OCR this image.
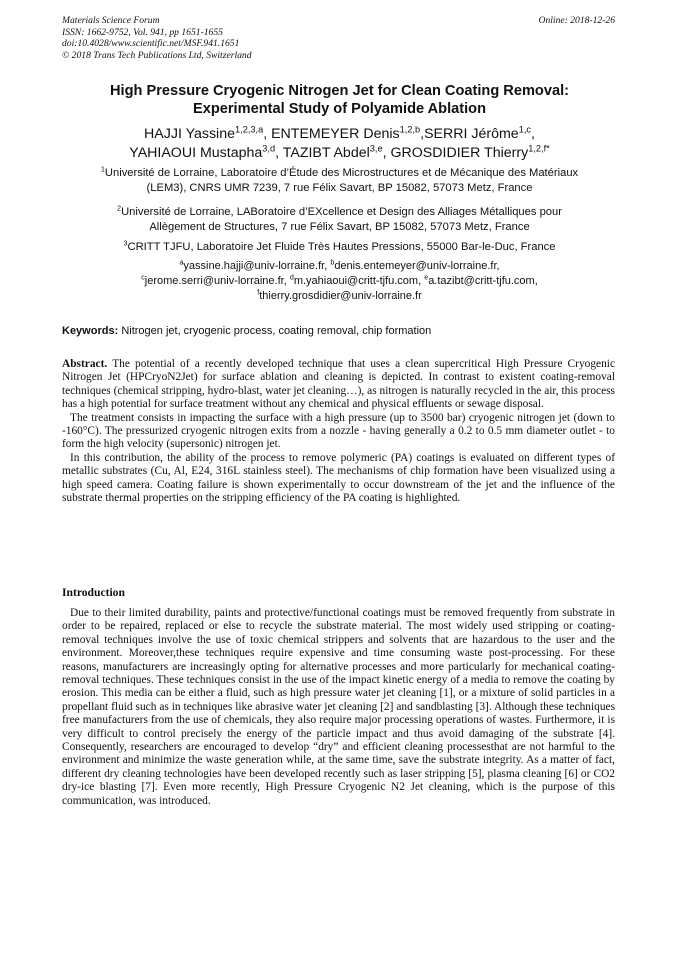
Materials Science Forum
ISSN: 1662-9752, Vol. 941, pp 1651-1655
doi:10.4028/www.scientific.net/MSF.941.1651
© 2018 Trans Tech Publications Ltd, Switzerland
Online: 2018-12-26
High Pressure Cryogenic Nitrogen Jet for Clean Coating Removal:
Experimental Study of Polyamide Ablation
HAJJI Yassine$^{1,2,3,a}$, ENTEMEYER Denis$^{1,2,b}$,SERRI Jérôme$^{1,c}$,
YAHIAOUI Mustapha$^{3,d}$, TAZIBT Abdel$^{3,e}$, GROSDIDIER Thierry$^{1,2,f*}$
$^1$Université de Lorraine, Laboratoire d’Étude des Microstructures et de Mécanique des Matériaux
(LEM3), CNRS UMR 7239, 7 rue Félix Savart, BP 15082, 57073 Metz, France
$^2$Université de Lorraine, LABoratoire d’EXcellence et Design des Alliages Métalliques pour
Allègement de Structures, 7 rue Félix Savart, BP 15082, 57073 Metz, France
$^3$CRITT TJFU, Laboratoire Jet Fluide Très Hautes Pressions, 55000 Bar-le-Duc, France
$^a$yassine.hajji@univ-lorraine.fr, $^b$denis.entemeyer@univ-lorraine.fr,
$^c$jerome.serri@univ-lorraine.fr, $^d$m.yahiaoui@critt-tjfu.com, $^e$a.tazibt@critt-tjfu.com,
$^f$thierry.grosdidier@univ-lorraine.fr
Keywords: Nitrogen jet, cryogenic process, coating removal, chip formation

Abstract. The potential of a recently developed technique that uses a clean supercritical High Pressure Cryogenic Nitrogen Jet (HPCryoN2Jet) for surface ablation and cleaning is depicted. In contrast to existent coating-removal techniques (chemical stripping, hydro-blast, water jet cleaning…), as nitrogen is naturally recycled in the air, this process has a high potential for surface treatment without any chemical and physical effluents or sewage disposal.

The treatment consists in impacting the surface with a high pressure (up to 3500 bar) cryogenic nitrogen jet (down to -160°C). The pressurized cryogenic nitrogen exits from a nozzle - having generally a 0.2 to 0.5 mm diameter outlet - to form the high velocity (supersonic) nitrogen jet.

In this contribution, the ability of the process to remove polymeric (PA) coatings is evaluated on different types of metallic substrates (Cu, Al, E24, 316L stainless steel). The mechanisms of chip formation have been visualized using a high speed camera. Coating failure is shown experimentally to occur downstream of the jet and the influence of the substrate thermal properties on the stripping efficiency of the PA coating is highlighted.

Introduction

Due to their limited durability, paints and protective/functional coatings must be removed frequently from substrate in order to be repaired, replaced or else to recycle the substrate material. The most widely used stripping or coating-removal techniques involve the use of toxic chemical strippers and solvents that are hazardous to the user and the environment. Moreover,these techniques require expensive and time consuming waste post-processing. For these reasons, manufacturers are increasingly opting for alternative processes and more particularly for mechanical coating-removal techniques. These techniques consist in the use of the impact kinetic energy of a media to remove the coating by erosion. This media can be either a fluid, such as high pressure water jet cleaning [1], or a mixture of solid particles in a propellant fluid such as in techniques like abrasive water jet cleaning [2] and sandblasting [3]. Although these techniques free manufacturers from the use of chemicals, they also require major processing operations of wastes. Furthermore, it is very difficult to control precisely the energy of the particle impact and thus avoid damaging of the substrate [4]. Consequently, researchers are encouraged to develop “dry” and efficient cleaning processesthat are not harmful to the environment and minimize the waste generation while, at the same time, save the substrate integrity. As a matter of fact, different dry cleaning technologies have been developed recently such as laser stripping [5], plasma cleaning [6] or CO2 dry-ice blasting [7]. Even more recently, High Pressure Cryogenic N2 Jet cleaning, which is the purpose of this communication, was introduced.
